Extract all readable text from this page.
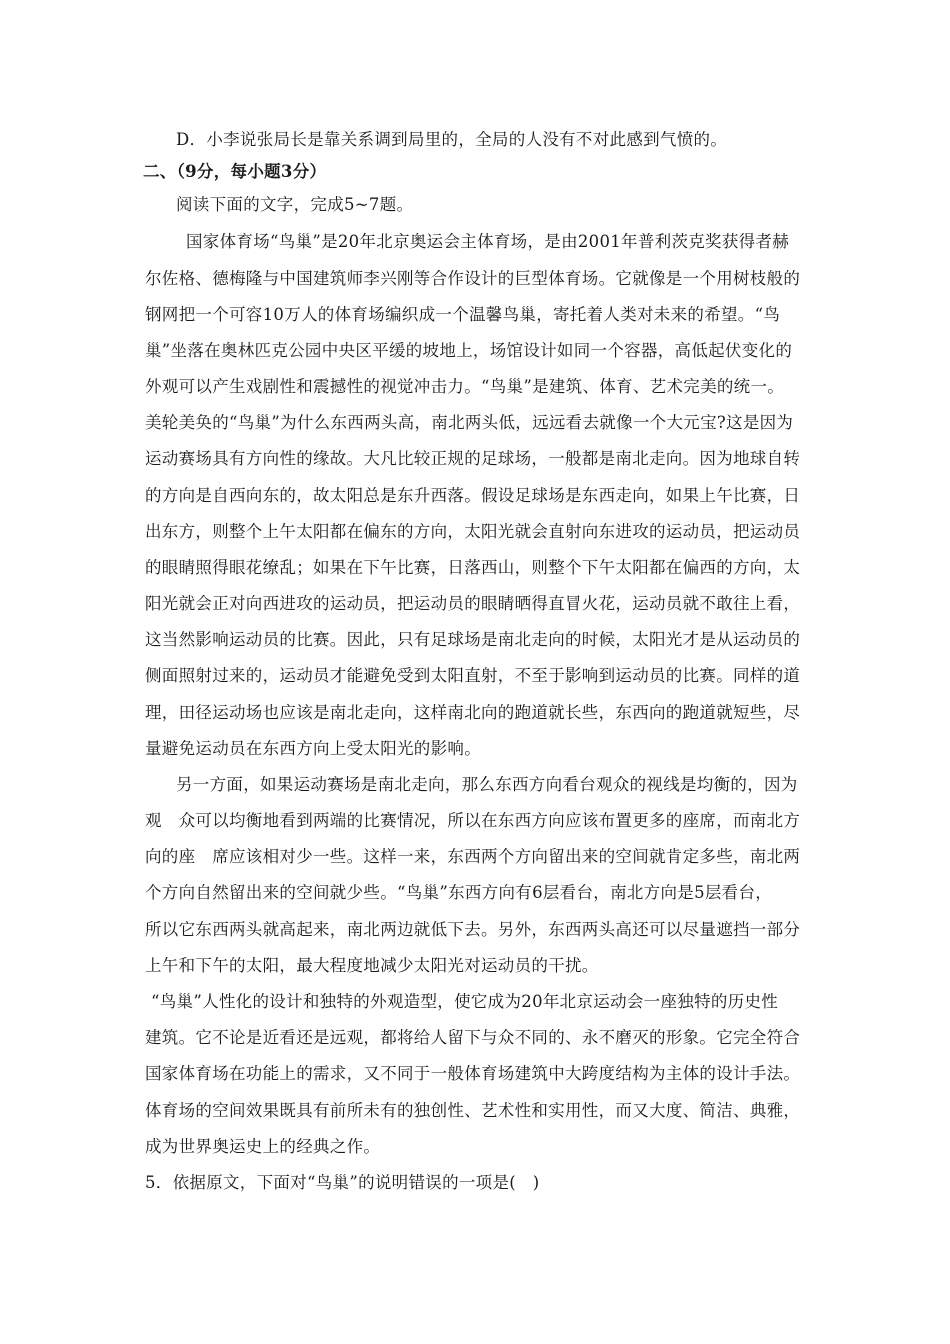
D．小李说张局长是靠关系调到局里的，全局的人没有不对此感到气愤的。
二、（9分，每小题3分）
阅读下面的文字，完成5~7题。
国家体育场“鸟巢”是20年北京奥运会主体育场，是由2001年普利茨克奖获得者赫
尔佐格、德梅隆与中国建筑师李兴刚等合作设计的巨型体育场。它就像是一个用树枝般的
钢网把一个可容10万人的体育场编织成一个温馨鸟巢，寄托着人类对未来的希望。“鸟
巢”坐落在奥林匹克公园中央区平缓的坡地上，场馆设计如同一个容器，高低起伏变化的
外观可以产生戏剧性和震撼性的视觉冲击力。“鸟巢”是建筑、体育、艺术完美的统一。
美轮美奂的“鸟巢”为什么东西两头高，南北两头低，远远看去就像一个大元宝?这是因为
运动赛场具有方向性的缘故。大凡比较正规的足球场，一般都是南北走向。因为地球自转
的方向是自西向东的，故太阳总是东升西落。假设足球场是东西走向，如果上午比赛，日
出东方，则整个上午太阳都在偏东的方向，太阳光就会直射向东进攻的运动员，把运动员
的眼睛照得眼花缭乱；如果在下午比赛，日落西山，则整个下午太阳都在偏西的方向，太
阳光就会正对向西进攻的运动员，把运动员的眼睛晒得直冒火花，运动员就不敢往上看，
这当然影响运动员的比赛。因此，只有足球场是南北走向的时候，太阳光才是从运动员的
侧面照射过来的，运动员才能避免受到太阳直射，不至于影响到运动员的比赛。同样的道
理，田径运动场也应该是南北走向，这样南北向的跑道就长些，东西向的跑道就短些，尽
量避免运动员在东西方向上受太阳光的影响。
另一方面，如果运动赛场是南北走向，那么东西方向看台观众的视线是均衡的，因为
观　众可以均衡地看到两端的比赛情况，所以在东西方向应该布置更多的座席，而南北方
向的座　席应该相对少一些。这样一来，东西两个方向留出来的空间就肯定多些，南北两
个方向自然留出来的空间就少些。“鸟巢”东西方向有6层看台，南北方向是5层看台，
所以它东西两头就高起来，南北两边就低下去。另外，东西两头高还可以尽量遮挡一部分
上午和下午的太阳，最大程度地减少太阳光对运动员的干扰。
“鸟巢”人性化的设计和独特的外观造型，使它成为20年北京运动会一座独特的历史性
建筑。它不论是近看还是远观，都将给人留下与众不同的、永不磨灭的形象。它完全符合
国家体育场在功能上的需求，又不同于一般体育场建筑中大跨度结构为主体的设计手法。
体育场的空间效果既具有前所未有的独创性、艺术性和实用性，而又大度、简洁、典雅，
成为世界奥运史上的经典之作。
5．依据原文，下面对“鸟巢”的说明错误的一项是(　)
